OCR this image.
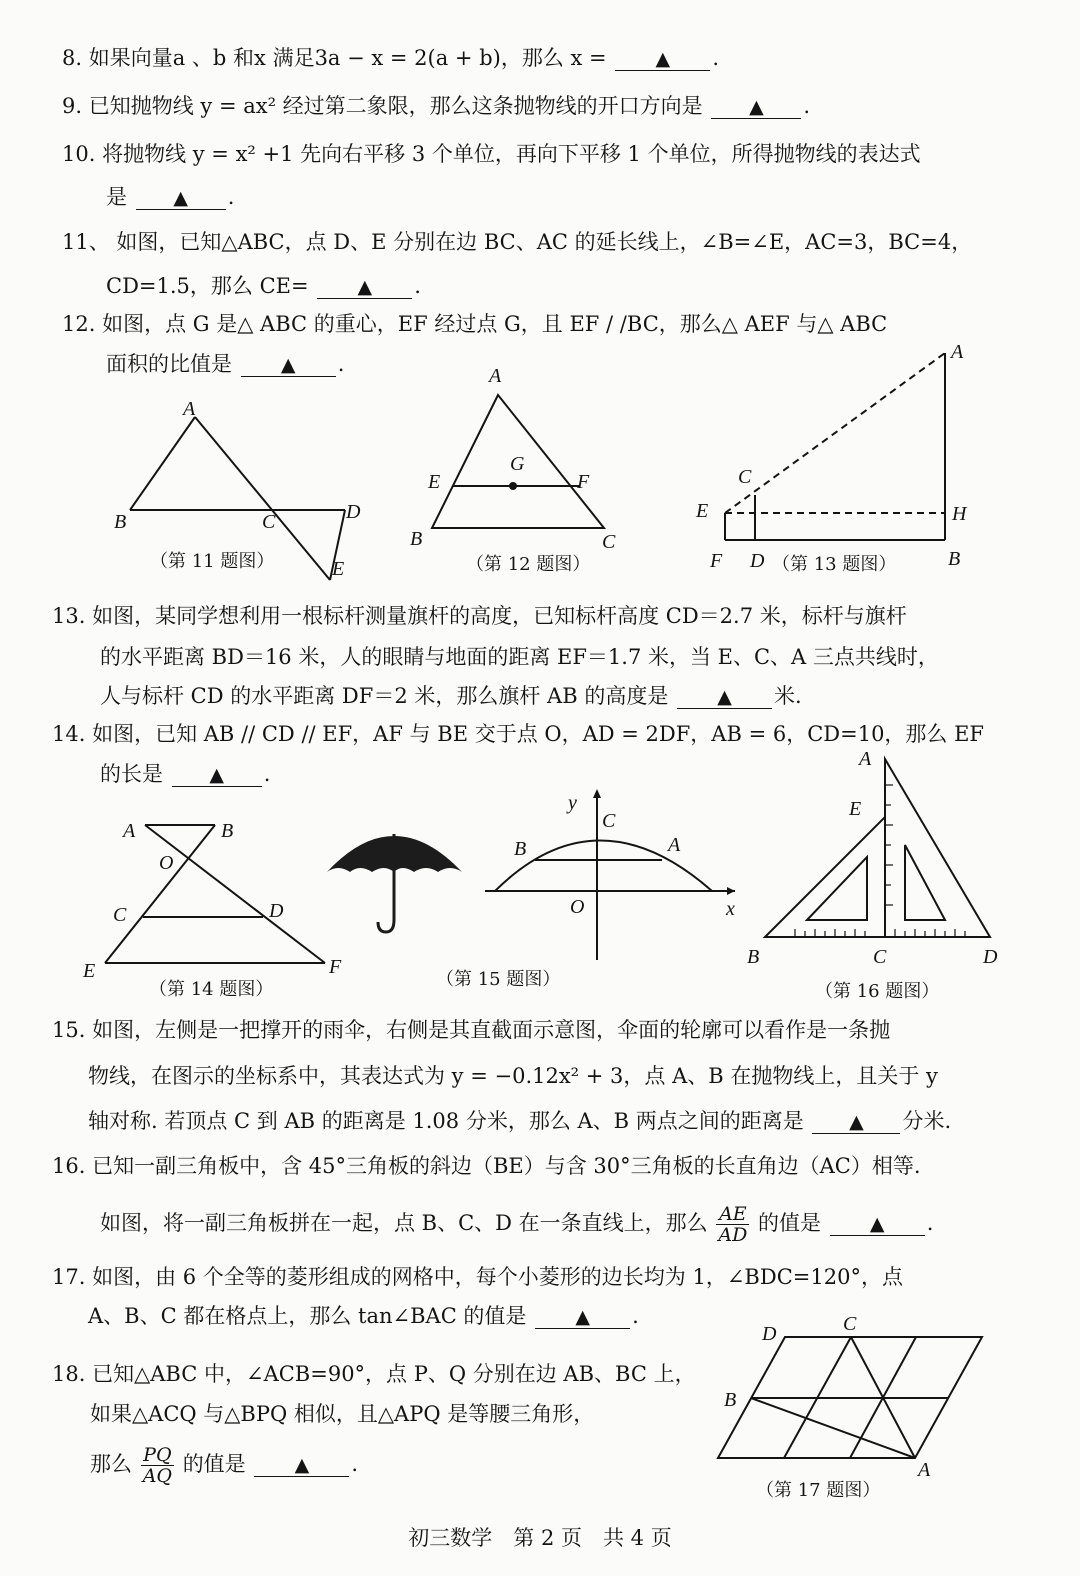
8. 如果向量a 、b 和x 满足3a − x = 2(a + b)，那么 x =	▲ .
9. 已知抛物线 y = ax² 经过第二象限，那么这条抛物线的开口方向是 ▲ .
10. 将抛物线 y = x² +1 先向右平移 3 个单位，再向下平移 1 个单位，所得抛物线的表达式
是 ▲ .
11、 如图，已知△ABC，点 D、E 分别在边 BC、AC 的延长线上，∠B=∠E，AC=3，BC=4，
CD=1.5，那么 CE=	▲ .
12. 如图，点 G 是△ ABC 的重心，EF 经过点 G，且 EF / /BC，那么△ AEF 与△ ABC
面积的比值是	▲ .
A
B	C	D
E
（第 11 题图）
A
B	C
E	F
G
（第 12 题图）
A
C
E	H
F D	B
（第 13 题图）
13. 如图，某同学想利用一根标杆测量旗杆的高度，已知标杆高度 CD＝2.7 米，标杆与旗杆
的水平距离 BD＝16 米，人的眼睛与地面的距离 EF＝1.7 米，当 E、C、A 三点共线时，
人与标杆 CD 的水平距离 DF＝2 米，那么旗杆 AB 的高度是	▲ 米.
14. 如图，已知 AB // CD // EF，AF 与 BE 交于点 O，AD = 2DF，AB = 6，CD=10，那么 EF
的长是 ▲ .
A	B
O
C	D
E	F
（第 14 题图）
y
C
B	A
O	x
（第 15 题图）
A
E
B	C	D
（第 16 题图）
15. 如图，左侧是一把撑开的雨伞，右侧是其直截面示意图，伞面的轮廓可以看作是一条抛
物线，在图示的坐标系中，其表达式为 y = −0.12x² + 3，点 A、B 在抛物线上，且关于 y
轴对称. 若顶点 C 到 AB 的距离是 1.08 分米，那么 A、B 两点之间的距离是 ▲ 分米.
16. 已知一副三角板中，含 45°三角板的斜边（BE）与含 30°三角板的长直角边（AC）相等.
如图，将一副三角板拼在一起，点 B、C、D 在一条直线上，那么 $\frac{AE}{AD}$ 的值是	▲ .
17. 如图，由 6 个全等的菱形组成的网格中，每个小菱形的边长均为 1，∠BDC=120°，点
A、B、C 都在格点上，那么 tan∠BAC 的值是	▲ .
18. 已知△ABC 中，∠ACB=90°，点 P、Q 分别在边 AB、BC 上，
如果△ACQ 与△BPQ 相似，且△APQ 是等腰三角形，
那么 $\frac{PQ}{AQ}$ 的值是	▲ .
D	C
B
A
（第 17 题图）
初三数学　第 2 页　共 4 页
